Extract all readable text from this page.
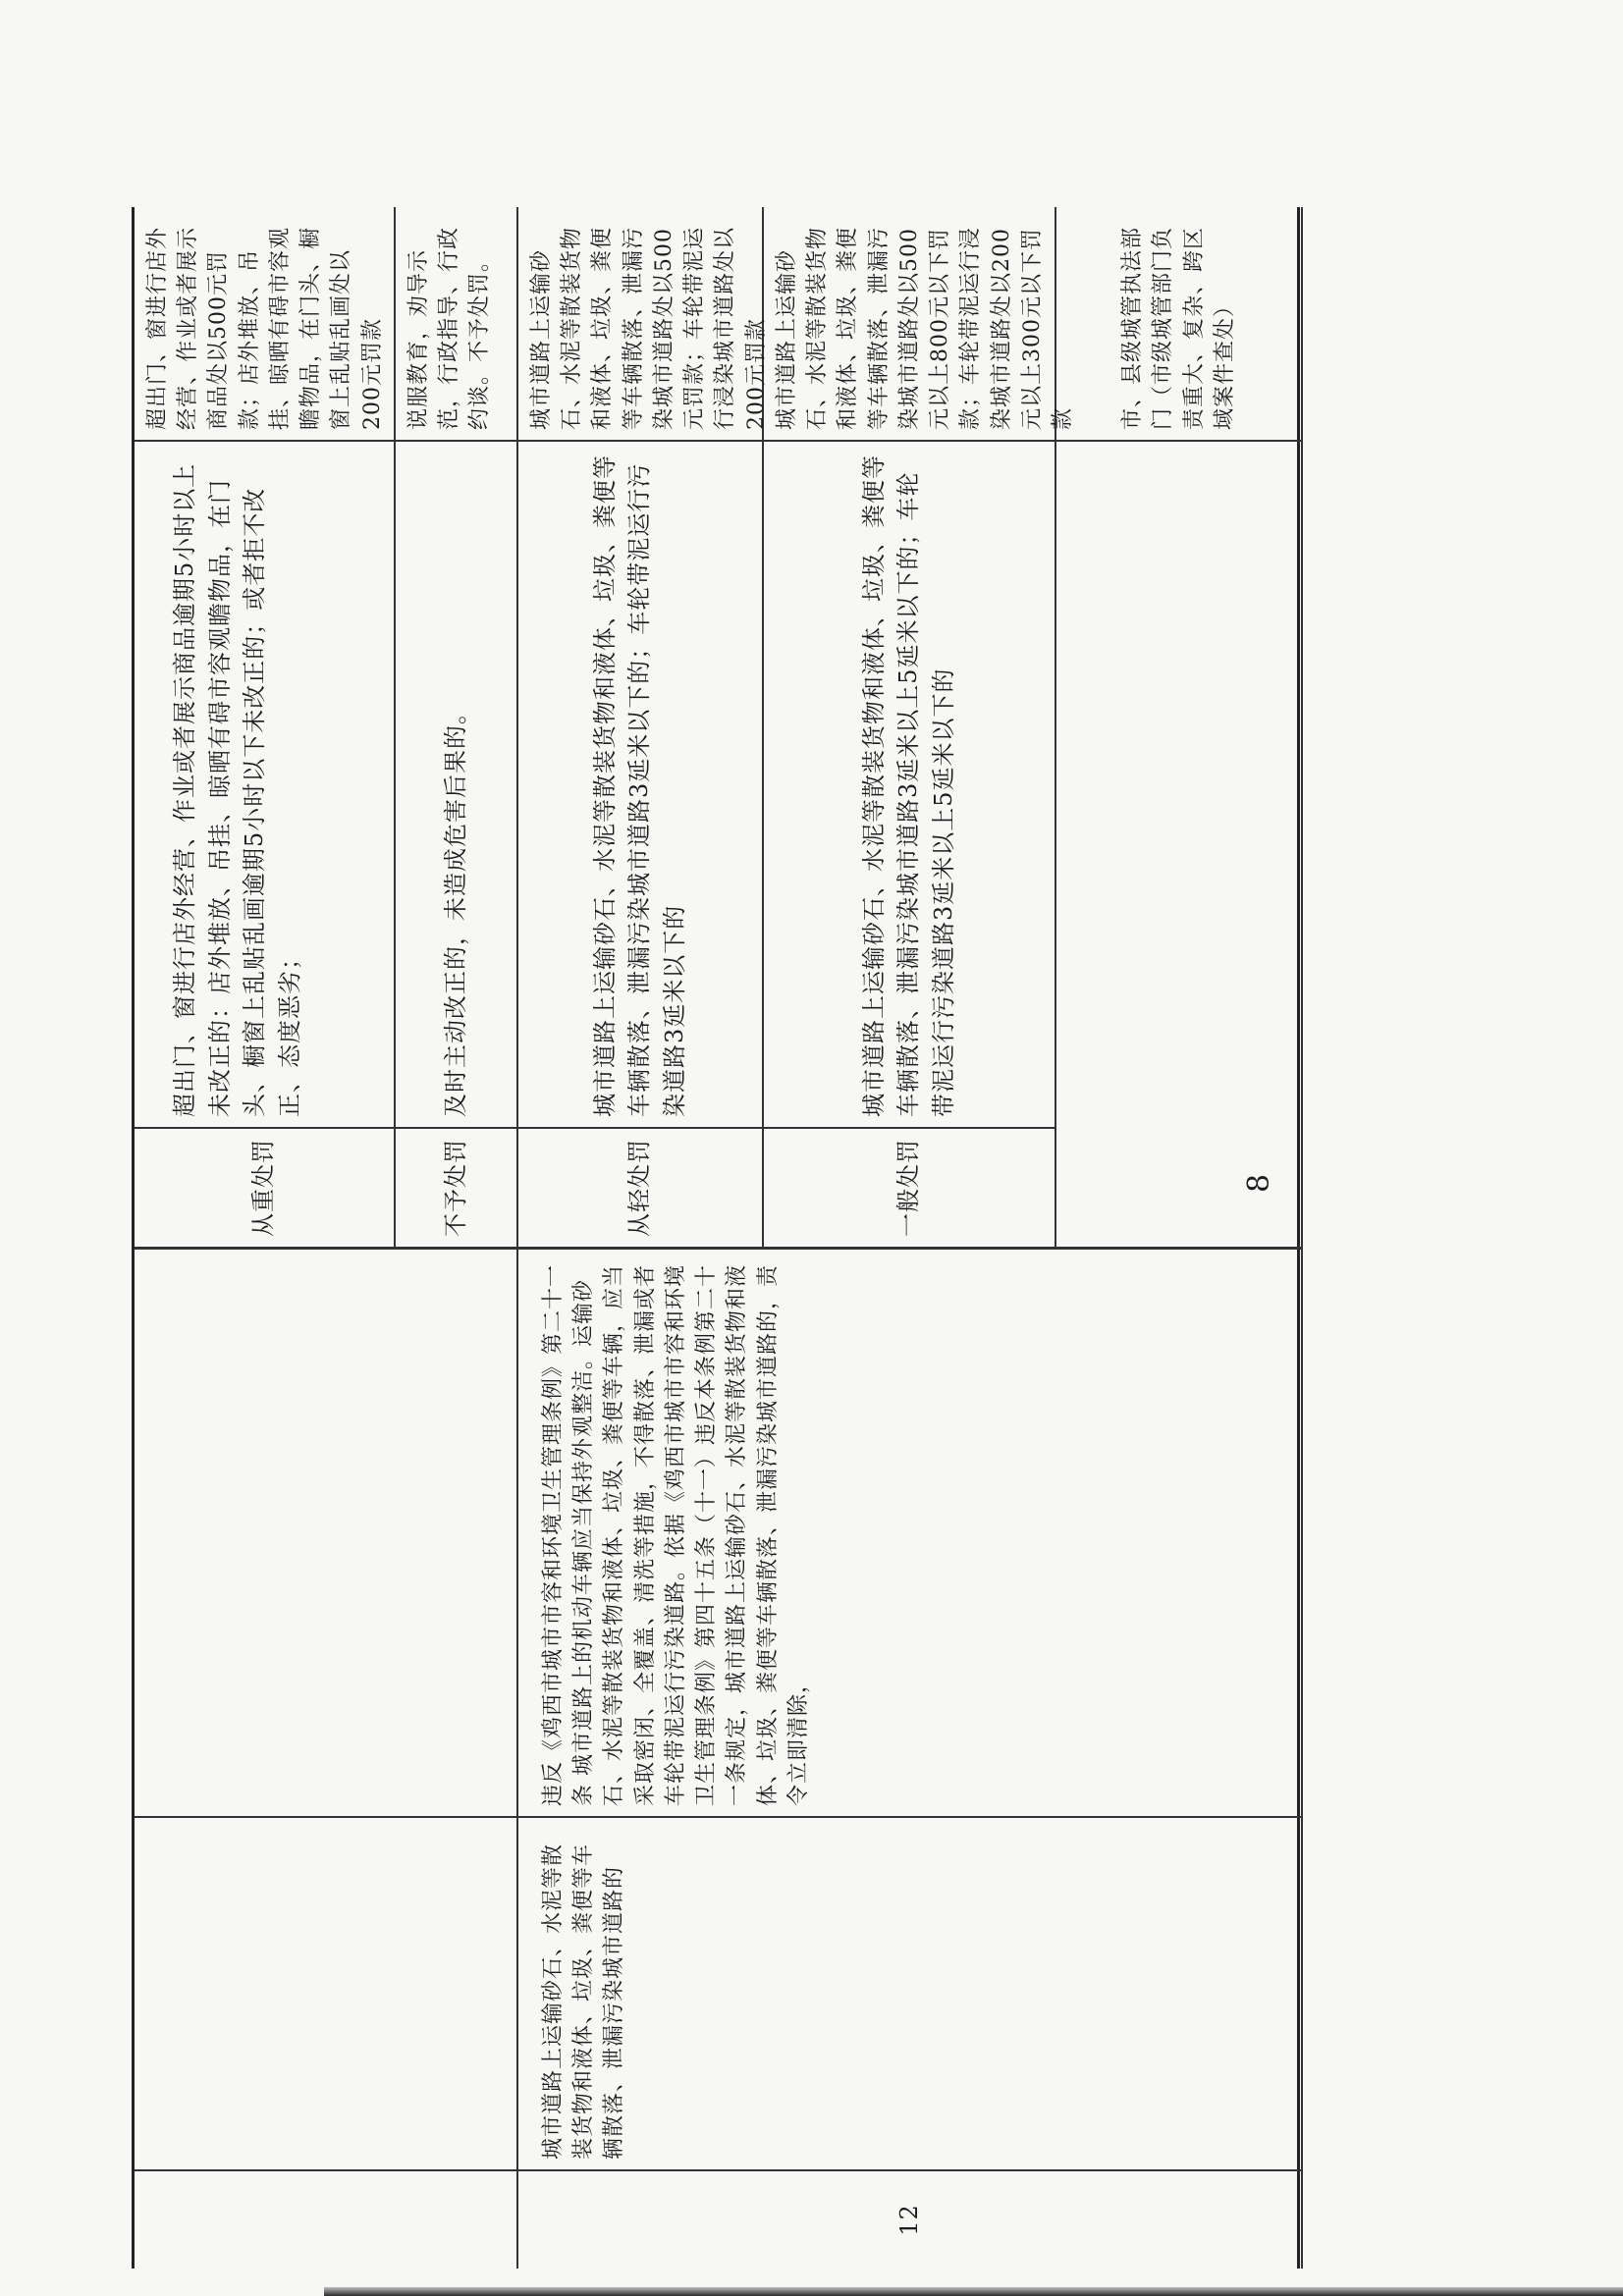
从重处罚
超出门、窗进行店外经营、作业或者展示商品逾期5小时以上未改正的：店外堆放、吊挂、晾晒有碍市容观瞻物品，在门头、橱窗上乱贴乱画逾期5小时以下未改正的；或者拒不改正、态度恶劣；
超出门、窗进行店外经营、作业或者展示商品处以500元罚款；店外堆放、吊挂、晾晒有碍市容观瞻物品，在门头、橱窗上乱贴乱画处以200元罚款
不予处罚
及时主动改正的，未造成危害后果的。
说服教育，劝导示范，行政指导、行政约谈。不予处罚。
12
城市道路上运输砂石、水泥等散装货物和液体、垃圾、粪便等车辆散落、泄漏污染城市道路的
违反《鸡西市城市市容和环境卫生管理条例》第二十一条 城市道路上的机动车辆应当保持外观整洁。运输砂石、水泥等散装货物和液体、垃圾、粪便等车辆，应当采取密闭、全覆盖、清洗等措施，不得散落、泄漏或者车轮带泥运行污染道路。依据《鸡西市城市市容和环境卫生管理条例》第四十五条（十一）违反本条例第二十一条规定，城市道路上运输砂石、水泥等散装货物和液体、垃圾、粪便等车辆散落、泄漏污染城市道路的，责令立即清除，
从轻处罚
城市道路上运输砂石、水泥等散装货物和液体、垃圾、粪便等车辆散落、泄漏污染城市道路3延米以下的；车轮带泥运行污染道路3延米以下的
城市道路上运输砂石、水泥等散装货物和液体、垃圾、粪便等车辆散落、泄漏污染城市道路处以500元罚款；车轮带泥运行浸染城市道路处以200元罚款
一般处罚
城市道路上运输砂石、水泥等散装货物和液体、垃圾、粪便等车辆散落、泄漏污染城市道路3延米以上5延米以下的；车轮带泥运行污染道路3延米以上5延米以下的
城市道路上运输砂石、水泥等散装货物和液体、垃圾、粪便等车辆散落、泄漏污染城市道路处以500元以上800元以下罚款；车轮带泥运行浸染城市道路处以200元以上300元以下罚款	市、县级城管执法部门（市级城管部门负责重大、复杂、跨区域案件查处）
8
